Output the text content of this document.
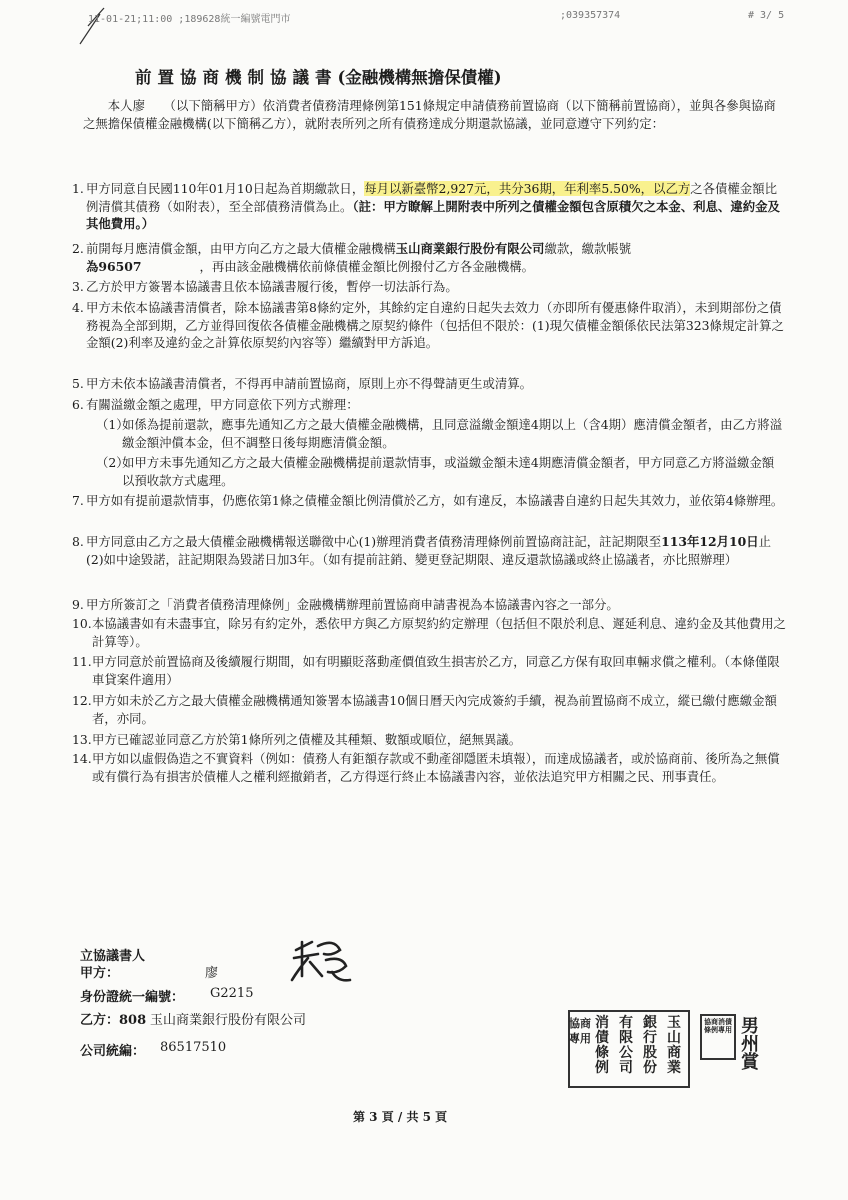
11-01-21;11:00 ;189628統一編號電門市	;039357374	# 3/ 5
前置協商機制協議書(金融機構無擔保債權)
本人廖　　（以下簡稱甲方）依消費者債務清理條例第151條規定申請債務前置協商（以下簡稱前置協商），並與各參與協商之無擔保債權金融機構(以下簡稱乙方），就附表所列之所有債務達成分期還款協議，並同意遵守下列約定：
1. 甲方同意自民國110年01月10日起為首期繳款日，每月以新臺幣2,927元，共分36期，年利率5.50%，以乙方之各債權金額比例清償其債務（如附表），至全部債務清償為止。（註：甲方瞭解上開附表中所列之債權金額包含原積欠之本金、利息、違約金及其他費用。）
2. 前開每月應清償金額，由甲方向乙方之最大債權金融機構玉山商業銀行股份有限公司繳款，繳款帳號
為96507	，再由該金融機構依前條債權金額比例撥付乙方各金融機構。
3. 乙方於甲方簽署本協議書且依本協議書履行後，暫停一切法訴行為。
4. 甲方未依本協議書清償者，除本協議書第8條約定外，其餘約定自違約日起失去效力（亦即所有優惠條件取消），未到期部份之債務視為全部到期，乙方並得回復依各債權金融機構之原契約條件（包括但不限於：(1)現欠債權金額係依民法第323條規定計算之金額(2)利率及違約金之計算依原契約內容等）繼續對甲方訴追。
5. 甲方未依本協議書清償者，不得再申請前置協商，原則上亦不得聲請更生或清算。
6. 有關溢繳金額之處理，甲方同意依下列方式辦理：
（1）
如係為提前還款，應事先通知乙方之最大債權金融機構，且同意溢繳金額達4期以上（含4期）應清償金額者，由乙方將溢繳金額沖償本金，但不調整日後每期應清償金額。
（2）
如甲方未事先通知乙方之最大債權金融機構提前還款情事，或溢繳金額未達4期應清償金額者，甲方同意乙方將溢繳金額以預收款方式處理。
7. 甲方如有提前還款情事，仍應依第1條之債權金額比例清償於乙方，如有違反，本協議書自違約日起失其效力，並依第4條辦理。
8. 甲方同意由乙方之最大債權金融機構報送聯徵中心(1)辦理消費者債務清理條例前置協商註記，註記期限至113年12月10日止(2)如中途毀諾，註記期限為毀諾日加3年。（如有提前註銷、變更登記期限、違反還款協議或終止協議者，亦比照辦理）
9. 甲方所簽訂之「消費者債務清理條例」金融機構辦理前置協商申請書視為本協議書內容之一部分。
10. 本協議書如有未盡事宜，除另有約定外，悉依甲方與乙方原契約約定辦理（包括但不限於利息、遲延利息、違約金及其他費用之計算等）。
11. 甲方同意於前置協商及後續履行期間，如有明顯貶落動產價值致生損害於乙方，同意乙方保有取回車輛求償之權利。（本條僅限車貸案件適用）
12. 甲方如未於乙方之最大債權金融機構通知簽署本協議書10個日曆天內完成簽約手續，視為前置協商不成立，縱已繳付應繳金額者，亦同。
13. 甲方已確認並同意乙方於第1條所列之債權及其種類、數額或順位，絕無異議。
14. 甲方如以虛假偽造之不實資料（例如：債務人有鉅額存款或不動產卻隱匿未填報），而達成協議者，或於協商前、後所為之無償或有償行為有損害於債權人之權利經撤銷者，乙方得逕行終止本協議書內容，並依法追究甲方相關之民、刑事責任。
立協議書人
甲方：	廖
身份證統一編號： G2215
乙方：808 玉山商業銀行股份有限公司
公司統編： 86517510
玉山商業
銀行股份
有限公司
消債條例
協商專用
協商消債條例專用 男州賞
第 3 頁 / 共 5 頁
